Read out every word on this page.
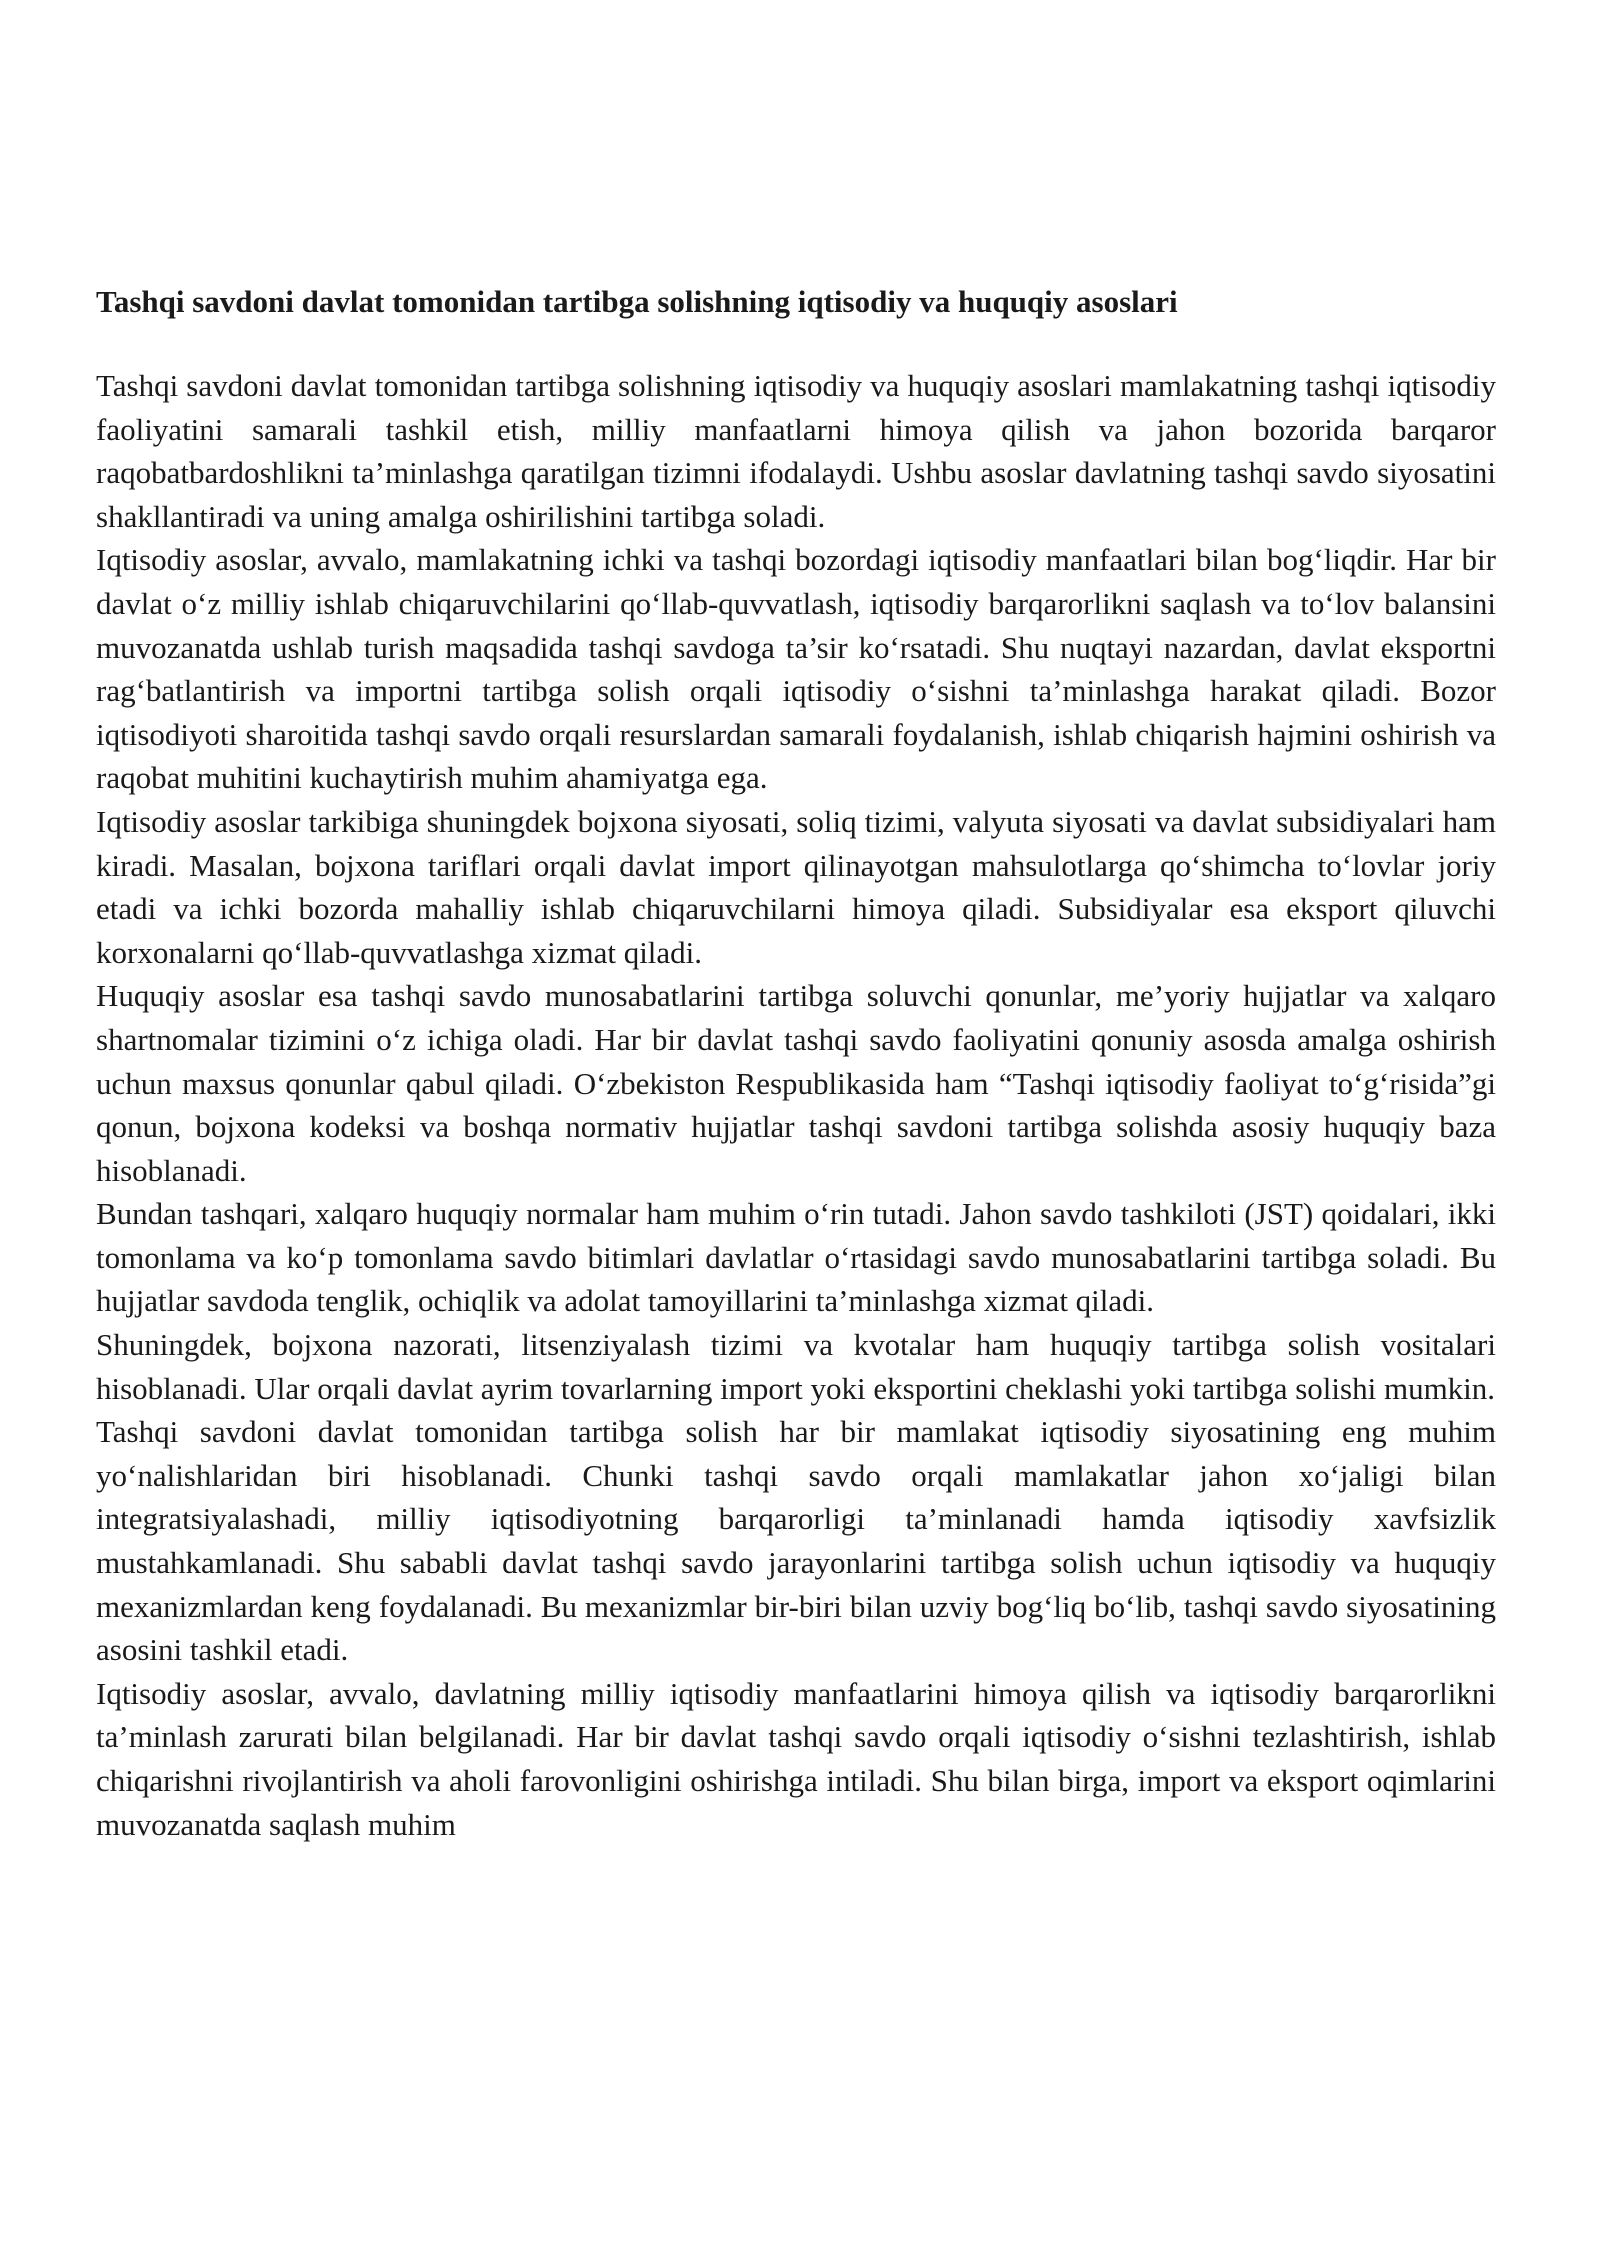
Tashqi savdoni davlat tomonidan tartibga solishning iqtisodiy va huquqiy asoslari

Tashqi savdoni davlat tomonidan tartibga solishning iqtisodiy va huquqiy asoslari mamlakatning tashqi iqtisodiy faoliyatini samarali tashkil etish, milliy manfaatlarni himoya qilish va jahon bozorida barqaror raqobatbardoshlikni ta’minlashga qaratilgan tizimni ifodalaydi. Ushbu asoslar davlatning tashqi savdo siyosatini shakllantiradi va uning amalga oshirilishini tartibga soladi.

Iqtisodiy asoslar, avvalo, mamlakatning ichki va tashqi bozordagi iqtisodiy manfaatlari bilan bog‘liqdir. Har bir davlat o‘z milliy ishlab chiqaruvchilarini qo‘llab-quvvatlash, iqtisodiy barqarorlikni saqlash va to‘lov balansini muvozanatda ushlab turish maqsadida tashqi savdoga ta’sir ko‘rsatadi. Shu nuqtayi nazardan, davlat eksportni rag‘batlantirish va importni tartibga solish orqali iqtisodiy o‘sishni ta’minlashga harakat qiladi. Bozor iqtisodiyoti sharoitida tashqi savdo orqali resurslardan samarali foydalanish, ishlab chiqarish hajmini oshirish va raqobat muhitini kuchaytirish muhim ahamiyatga ega.

Iqtisodiy asoslar tarkibiga shuningdek bojxona siyosati, soliq tizimi, valyuta siyosati va davlat subsidiyalari ham kiradi. Masalan, bojxona tariflari orqali davlat import qilinayotgan mahsulotlarga qo‘shimcha to‘lovlar joriy etadi va ichki bozorda mahalliy ishlab chiqaruvchilarni himoya qiladi. Subsidiyalar esa eksport qiluvchi korxonalarni qo‘llab-quvvatlashga xizmat qiladi.

Huquqiy asoslar esa tashqi savdo munosabatlarini tartibga soluvchi qonunlar, me’yoriy hujjatlar va xalqaro shartnomalar tizimini o‘z ichiga oladi. Har bir davlat tashqi savdo faoliyatini qonuniy asosda amalga oshirish uchun maxsus qonunlar qabul qiladi. O‘zbekiston Respublikasida ham “Tashqi iqtisodiy faoliyat to‘g‘risida”gi qonun, bojxona kodeksi va boshqa normativ hujjatlar tashqi savdoni tartibga solishda asosiy huquqiy baza hisoblanadi.

Bundan tashqari, xalqaro huquqiy normalar ham muhim o‘rin tutadi. Jahon savdo tashkiloti (JST) qoidalari, ikki tomonlama va ko‘p tomonlama savdo bitimlari davlatlar o‘rtasidagi savdo munosabatlarini tartibga soladi. Bu hujjatlar savdoda tenglik, ochiqlik va adolat tamoyillarini ta’minlashga xizmat qiladi.

Shuningdek, bojxona nazorati, litsenziyalash tizimi va kvotalar ham huquqiy tartibga solish vositalari hisoblanadi. Ular orqali davlat ayrim tovarlarning import yoki eksportini cheklashi yoki tartibga solishi mumkin.

Tashqi savdoni davlat tomonidan tartibga solish har bir mamlakat iqtisodiy siyosatining eng muhim yo‘nalishlaridan biri hisoblanadi. Chunki tashqi savdo orqali mamlakatlar jahon xo‘jaligi bilan integratsiyalashadi, milliy iqtisodiyotning barqarorligi ta’minlanadi hamda iqtisodiy xavfsizlik mustahkamlanadi. Shu sababli davlat tashqi savdo jarayonlarini tartibga solish uchun iqtisodiy va huquqiy mexanizmlardan keng foydalanadi. Bu mexanizmlar bir-biri bilan uzviy bog‘liq bo‘lib, tashqi savdo siyosatining asosini tashkil etadi.

Iqtisodiy asoslar, avvalo, davlatning milliy iqtisodiy manfaatlarini himoya qilish va iqtisodiy barqarorlikni ta’minlash zarurati bilan belgilanadi. Har bir davlat tashqi savdo orqali iqtisodiy o‘sishni tezlashtirish, ishlab chiqarishni rivojlantirish va aholi farovonligini oshirishga intiladi. Shu bilan birga, import va eksport oqimlarini muvozanatda saqlash muhim
